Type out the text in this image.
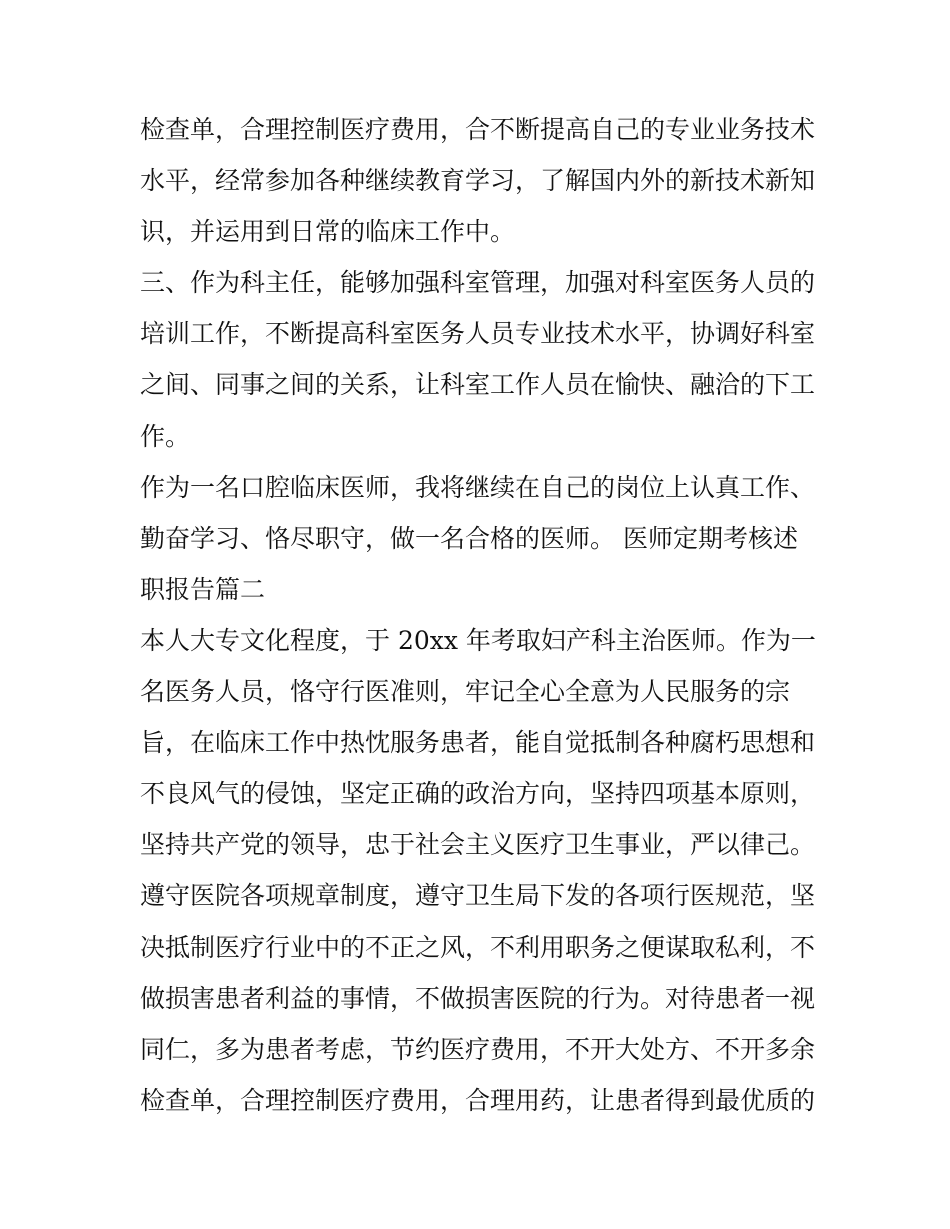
检查单，合理控制医疗费用，合不断提高自己的专业业务技术
水平，经常参加各种继续教育学习，了解国内外的新技术新知
识，并运用到日常的临床工作中。
三、作为科主任，能够加强科室管理，加强对科室医务人员的
培训工作，不断提高科室医务人员专业技术水平，协调好科室
之间、同事之间的关系，让科室工作人员在愉快、融洽的下工
作。
作为一名口腔临床医师，我将继续在自己的岗位上认真工作、
勤奋学习、恪尽职守，做一名合格的医师。 医师定期考核述
职报告篇二
本人大专文化程度，于 20xx 年考取妇产科主治医师。作为一
名医务人员，恪守行医准则，牢记全心全意为人民服务的宗
旨，在临床工作中热忱服务患者，能自觉抵制各种腐朽思想和
不良风气的侵蚀，坚定正确的政治方向，坚持四项基本原则，
坚持共产党的领导，忠于社会主义医疗卫生事业，严以律己。
遵守医院各项规章制度，遵守卫生局下发的各项行医规范，坚
决抵制医疗行业中的不正之风，不利用职务之便谋取私利，不
做损害患者利益的事情，不做损害医院的行为。对待患者一视
同仁，多为患者考虑，节约医疗费用，不开大处方、不开多余
检查单，合理控制医疗费用，合理用药，让患者得到最优质的
